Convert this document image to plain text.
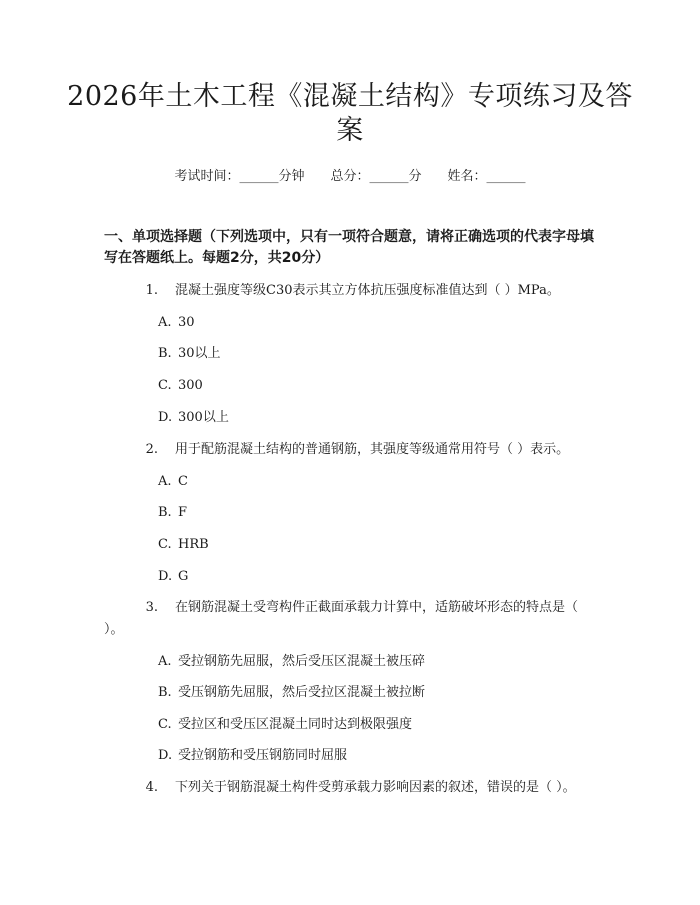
2026年土木工程《混凝土结构》专项练习及答案
考试时间：______分钟 总分：______分 姓名：______
一、单项选择题（下列选项中，只有一项符合题意，请将正确选项的代表字母填写在答题纸上。每题2分，共20分）
1. 混凝土强度等级C30表示其立方体抗压强度标准值达到（ ）MPa。
A. 30
B. 30以上
C. 300
D. 300以上
2. 用于配筋混凝土结构的普通钢筋，其强度等级通常用符号（ ）表示。
A. C
B. F
C. HRB
D. G
3. 在钢筋混凝土受弯构件正截面承载力计算中，适筋破坏形态的特点是（ ）。
A. 受拉钢筋先屈服，然后受压区混凝土被压碎
B. 受压钢筋先屈服，然后受拉区混凝土被拉断
C. 受拉区和受压区混凝土同时达到极限强度
D. 受拉钢筋和受压钢筋同时屈服
4. 下列关于钢筋混凝土构件受剪承载力影响因素的叙述，错误的是（ ）。
